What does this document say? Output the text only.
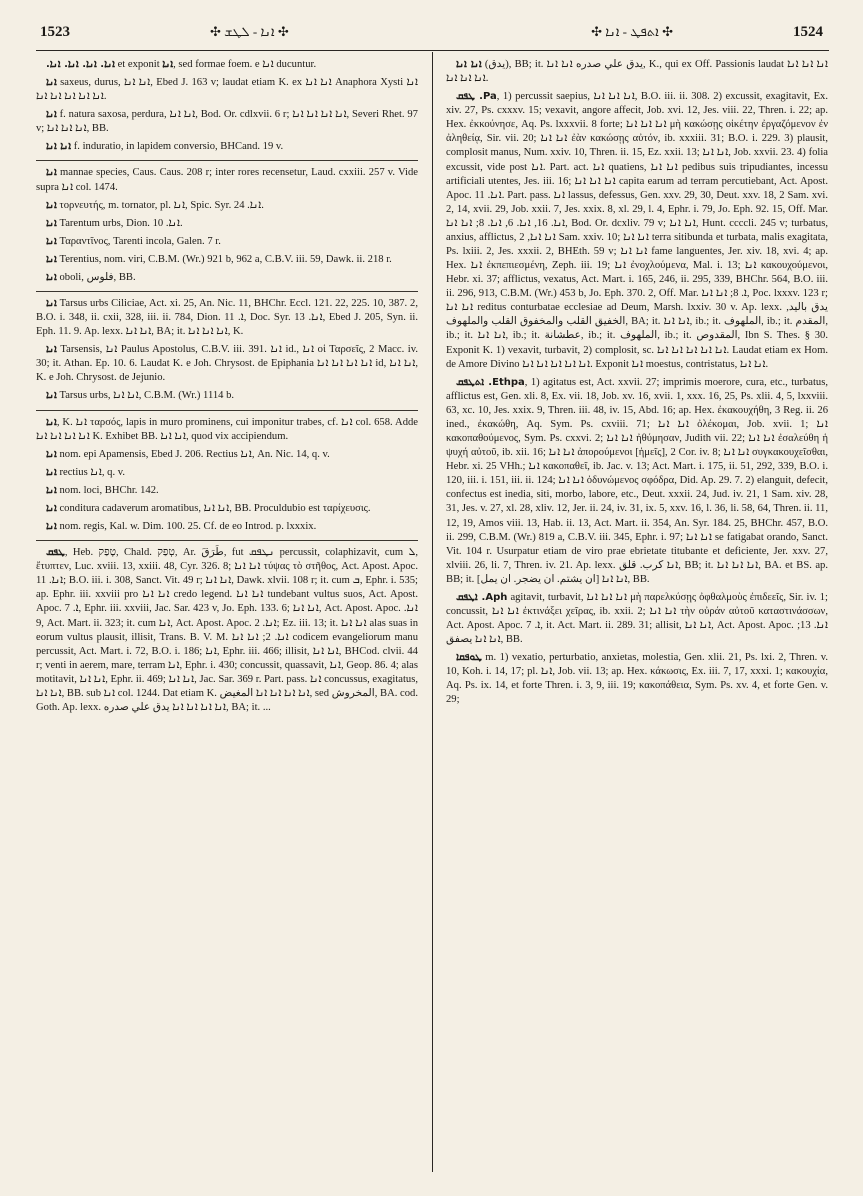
1523	✣ ܐܢܐ - ܠܛܫ ✣	✣ ܐܬܦܛ - ܐܢܐ ✣	1524

ܐܢܐ. ܐܢܐ. ܐܢܐ. ܐܢܐ. et exponit ܐܢܐ, sed formae foem. e ܐܢܐ ducuntur.

ܐܢܐ saxeus, durus, ܐܢܐ ܐܢܐ, Ebed J. 163 v; laudat etiam K. ex ܐܢܐ ܐܢܐ Anaphora Xysti ܐܢܐ ܐܢܐ ܐܢܐ ܐܢܐ ܐܢܐ ܐܢܐ.

ܐܢܐ f. natura saxosa, perdura, ܐܢܐ ܐܢܐ, Bod. Or. cdlxvii. 6 r; ܐܢܐ ܐܢܐ ܐܢܐ ܐܢܐ, Severi Rhet. 97 v; ܐܢܐ ܐܢܐ ܐܢܐ, BB.

ܐܢܐ ܐܢܐ f. induratio, in lapidem conversio, BHCand. 19 v.

ܐܢܐ mannae species, Caus. Caus. 208 r; inter rores recensetur, Laud. cxxiii. 257 v. Vide supra ܐܢܐ col. 1474.

ܐܢܐ τορνευτής, m. tornator, pl. ܐܢܐ, Spic. Syr. ܐܢܐ. 24.

ܐܢܐ Tarentum urbs, Dion. ܐܢܐ. 10.

ܐܢܐ Ταραντῖνος, Tarenti incola, Galen. 7 r.

ܐܢܐ Terentius, nom. viri, C.B.M. (Wr.) 921 b, 962 a, C.B.V. iii. 59, Dawk. ii. 218 r.

ܐܢܐ oboli, فلوس, BB.

ܐܢܐ Tarsus urbs Ciliciae, Act. xi. 25, An. Nic. 11, BHChr. Eccl. 121. 22, 225. 10, 387. 2, B.O. i. 348, ii. cxii, 328, iii. ii. 784, Dion. ܐ. 11, Doc. Syr. ܐܢܐ. 13, Ebed J. 205, Syn. ii. Eph. 11. 9. Ap. lexx. ܐܢܐ ܐܢܐ, BA; it. ܐܢܐ ܐܢܐ ܐܢܐ, K.

ܐܢܐ Tarsensis, ܐܢܐ Paulus Apostolus, C.B.V. iii. 391. ܐܢܐ id., ܐܢܐ οἱ Ταρσεῖς, 2 Macc. iv. 30; it. Athan. Ep. 10. 6. Laudat K. e Joh. Chrysost. de Epiphania ܐܢܐ ܐܢܐ ܐܢܐ ܐܢܐ id, ܐܢܐ ܐܢܐ, K. e Joh. Chrysost. de Jejunio.

ܐܢܐ Tarsus urbs, ܐܢܐ ܐܢܐ, C.B.M. (Wr.) 1114 b.

ܐܢܐ, K. ܐܢܐ ταρσός, lapis in muro prominens, cui imponitur trabes, cf. ܐܢܐ col. 658. Adde ܐܢܐ ܐܢܐ ܐܢܐ ܐܢܐ K. Exhibet BB. ܐܢܐ ܐܢܐ, quod vix accipiendum.

ܐܢܐ nom. epi Apamensis, Ebed J. 206. Rectius ܐܢܐ, An. Nic. 14, q. v.

ܐܢܐ rectius ܐܢܐ, q. v.

ܐܢܐ nom. loci, BHChr. 142.

ܐܢܐ conditura cadaverum aromatibus, ܐܢܐ ܐܢܐ, BB. Proculdubio est ταρίχευσις.

ܐܢܐ nom. regis, Kal. w. Dim. 100. 25. Cf. de eo Introd. p. lxxxix.

ܛܦܩ, Heb. טָפַק, Chald. טְפַק, Ar. طَرَقَ, fut ܢܛܦܩ percussit, colaphizavit, cum ܠ, ἔτυπτεν, Luc. xviii. 13, xxiii. 48, Cyr. 326. 8; ܐܢܐ ܐܢܐ τύψας τὸ στῆθος, Act. Apost. Apoc. ܐܢܐ. 11; B.O. iii. i. 308, Sanct. Vit. 49 r; ܐܢܐ ܐܢܐ, Dawk. xlvii. 108 r; it. cum ܒ, Ephr. i. 535; ap. Ephr. iii. xxviii pro ܐܢܐ ܐܢܐ credo legend. ܐܢܐ ܐܢܐ tundebant vultus suos, Act. Apost. Apoc. ܐ. 7, Ephr. iii. xxviii, Jac. Sar. 423 v, Jo. Eph. 133. 6; ܐܢܐ ܐܢܐ, Act. Apost. Apoc. ܐܢܐ. 9, Act. Mart. ii. 323; it. cum ܐܢܐ, Act. Apost. Apoc. ܐܢܐ. 2; Ez. iii. 13; it. ܐܢܐ ܐܢܐ alas suas in eorum vultus plausit, illisit, Trans. B. V. M. ܐܢܐ. 2; ܐܢܐ ܐܢܐ codicem evangeliorum manu percussit, Act. Mart. i. 72, B.O. i. 186; ܐܢܐ, Ephr. iii. 466; illisit, ܐܢܐ ܐܢܐ, BHCod. clvii. 44 r; venti in aerem, mare, terram ܐܢܐ, Ephr. i. 430; concussit, quassavit, ܐܢܐ, Geop. 86. 4; alas motitavit, ܐܢܐ ܐܢܐ, Ephr. ii. 469; ܐܢܐ ܐܢܐ, Jac. Sar. 369 r. Part. pass. ܐܢܐ concussus, exagitatus, ܐܢܐ ܐܢܐ, BB. sub ܐܢܐ col. 1244. Dat etiam K. ܐܢܐ ܐܢܐ ܐܢܐ ܐܢܐ المغيض, sed المخروش, BA. cod. Goth. Ap. lexx. ܐܢܐ ܐܢܐ ܐܢܐ ܐܢܐ يدق علي صدره, BA; it. ...

ܐܢܐ ܐܢܐ (يدق), BB; it. يدق علي صدره ܐܢܐ ܐܢܐ, K., qui ex Off. Passionis laudat ܐܢܐ ܐܢܐ ܐܢܐ ܐܢܐ ܐܢܐ ܐܢܐ.

Pa. ܛܦܩ, 1) percussit saepius, ܐܢܐ ܐܢܐ ܐܢܐ, B.O. iii. ii. 308. 2) excussit, exagitavit, Ex. xiv. 27, Ps. cxxxv. 15; vexavit, angore affecit, Job. xvi. 12, Jes. viii. 22, Thren. i. 22; ap. Hex. ἐκκούνησε, Aq. Ps. lxxxvii. 8 forte; ܐܢܐ ܐܢܐ ܐܢܐ μὴ κακώσῃς οἰκέτην ἐργαζόμενον ἐν ἀληθείᾳ, Sir. vii. 20; ܐܢܐ ܐܢܐ ἐὰν κακώσῃς αὐτόν, ib. xxxiii. 31; B.O. i. 229. 3) plausit, complosit manus, Num. xxiv. 10, Thren. ii. 15, Ez. xxii. 13; ܐܢܐ ܐܢܐ, Job. xxvii. 23. 4) folia excussit, vide post ܐܢܐ. Part. act. ܐܢܐ quatiens, ܐܢܐ ܐܢܐ pedibus suis tripudiantes, incessu artificiali utentes, Jes. iii. 16; ܐܢܐ ܐܢܐ ܐܢܐ capita earum ad terram percutiebant, Act. Apost. Apoc. ܐܢܐ. 11. Part. pass. ܐܢܐ lassus, defessus, Gen. xxv. 29, 30, Deut. xxv. 18, 2 Sam. xvi. 2, 14, xvii. 29, Job. xxii. 7, Jes. xxix. 8, xl. 29, l. 4, Ephr. i. 79, Jo. Eph. 92. 15, Off. Mar. ܐܢܐ. 16, ܐܢܐ. 6, ܐܢܐ. 8; ܐܢܐ ܐܢܐ, Bod. Or. dcxliv. 79 v; ܐܢܐ ܐܢܐ, Hunt. ccccli. 245 v; turbatus, anxius, afflictus, ܐܢܐ ܐܢܐ, 2 Sam. xxiv. 10; ܐܢܐ ܐܢܐ terra sitibunda et turbata, malis exagitata, Ps. lxiii. 2, Jes. xxxii. 2, BHEth. 59 v; ܐܢܐ ܐܢܐ fame languentes, Jer. xiv. 18, xvi. 4; ap. Hex. ܐܢܐ ἐκπεπιεσμένη, Zeph. iii. 19; ܐܢܐ ἐνοχλούμενα, Mal. i. 13; ܐܢܐ κακουχούμενοι, Hebr. xi. 37; afflictus, vexatus, Act. Mart. i. 165, 246, ii. 295, 339, BHChr. 564, B.O. iii. ii. 296, 913, C.B.M. (Wr.) 453 b, Jo. Eph. 370. 2, Off. Mar. ܐ. 8; ܐܢܐ ܐܢܐ, Poc. lxxxv. 123 r; ܐܢܐ ܐܢܐ reditus conturbatae ecclesiae ad Deum, Marsh. lxxiv. 30 v. Ap. lexx. يدق باليد, الخفيق القلب والمخفوق القلب والملهوف, BA; it. ܐܢܐ ܐܢܐ, ib.; it. الملهوف, ib.; it. المقدم, ib.; it. ܐܢܐ ܐܢܐ, ib.; it. عطشانة, ib.; it. الملهوف, ib.; it. المقدوص, Ibn S. Thes. § 30. Exponit K. 1) vexavit, turbavit, 2) complosit, sc. ܐܢܐ ܐܢܐ ܐܢܐ ܐܢܐ ܐܢܐ. Laudat etiam ex Hom. de Amore Divino ܐܢܐ ܐܢܐ ܐܢܐ ܐܢܐ ܐܢܐ. Exponit ܐܢܐ moestus, contristatus, ܐܢܐ ܐܢܐ.

Ethpa. ܐܬܛܦܩ, 1) agitatus est, Act. xxvii. 27; imprimis moerore, cura, etc., turbatus, afflictus est, Gen. xli. 8, Ex. vii. 18, Job. xv. 16, xvii. 1, xxx. 16, 25, Ps. xlii. 4, 5, lxxviii. 63, xc. 10, Jes. xxix. 9, Thren. iii. 48, iv. 15, Abd. 16; ap. Hex. ἐκακουχήθη, 3 Reg. ii. 26 ined., ἐκακώθη, Aq. Sym. Ps. cxviii. 71; ܐܢܐ ܐܢܐ ὀλέκομαι, Job. xvii. 1; ܐܢܐ κακοπαθούμενος, Sym. Ps. cxxvi. 2; ܐܢܐ ܐܢܐ ἠθύμησαν, Judith vii. 22; ܐܢܐ ܐܢܐ ἐσαλεύθη ἡ ψυχή αὐτοῦ, ib. xii. 16; ܐܢܐ ܐܢܐ ἀπορούμενοι [ἡμεῖς], 2 Cor. iv. 8; ܐܢܐ ܐܢܐ συγκακουχεῖσθαι, Hebr. xi. 25 VHh.; ܐܢܐ κακοπαθεῖ, ib. Jac. v. 13; Act. Mart. i. 175, ii. 51, 292, 339, B.O. i. 120, iii. i. 151, iii. ii. 124; ܐܢܐ ܐܢܐ ὀδυνώμενος σφόδρα, Did. Ap. 29. 7. 2) elanguit, defecit, confectus est inedia, siti, morbo, labore, etc., Deut. xxxii. 24, Jud. iv. 21, 1 Sam. xiv. 28, 31, Jes. v. 27, xl. 28, xliv. 12, Jer. ii. 24, iv. 31, ix. 5, xxv. 16, l. 36, li. 58, 64, Thren. ii. 11, 12, 19, Amos viii. 13, Hab. ii. 13, Act. Mart. ii. 354, An. Syr. 184. 25, BHChr. 457, B.O. ii. 299, C.B.M. (Wr.) 819 a, C.B.V. iii. 345, Ephr. i. 97; ܐܢܐ ܐܢܐ se fatigabat orando, Sanct. Vit. 104 r. Usurpatur etiam de viro prae ebrietate titubante et deficiente, Jer. xxv. 27, xlviii. 26, li. 7, Thren. iv. 21. Ap. lexx. ܐܢܐ كرب. قلق, BB; it. ܐܢܐ ܐܢܐ ܐܢܐ, BA. et BS. ap. BB; it. ܐܢܐ ܐܢܐ [ان يشتم. ان يضجر. ان يمل], BB.

Aph. ܐܛܦܩ agitavit, turbavit, ܐܢܐ ܐܢܐ ܐܢܐ μὴ παρελκύσῃς ὀφθαλμοὺς ἐπιδεεῖς, Sir. iv. 1; concussit, ܐܢܐ ܐܢܐ ἐκτινάξει χεῖρας, ib. xxii. 2; ܐܢܐ ܐܢܐ τὴν οὐράν αὐτοῦ καταστινάσσων, Act. Apost. Apoc. ܐ. 7, it. Act. Mart. ii. 289. 31; allisit, ܐܢܐ ܐܢܐ, Act. Apost. Apoc. ܐܢܐ. 13; ܐܢܐ ܐܢܐ يصفق, BB.

ܛܘܦܩܐ m. 1) vexatio, perturbatio, anxietas, molestia, Gen. xlii. 21, Ps. lxi. 2, Thren. v. 10, Koh. i. 14, 17; pl. ܐܢܐ, Job. vii. 13; ap. Hex. κάκωσις, Ex. iii. 7, 17, xxxi. 1; κακουχία, Aq. Ps. ix. 14, et forte Thren. i. 3, 9, iii. 19; κακοπάθεια, Sym. Ps. xv. 4, et forte Gen. v. 29;
